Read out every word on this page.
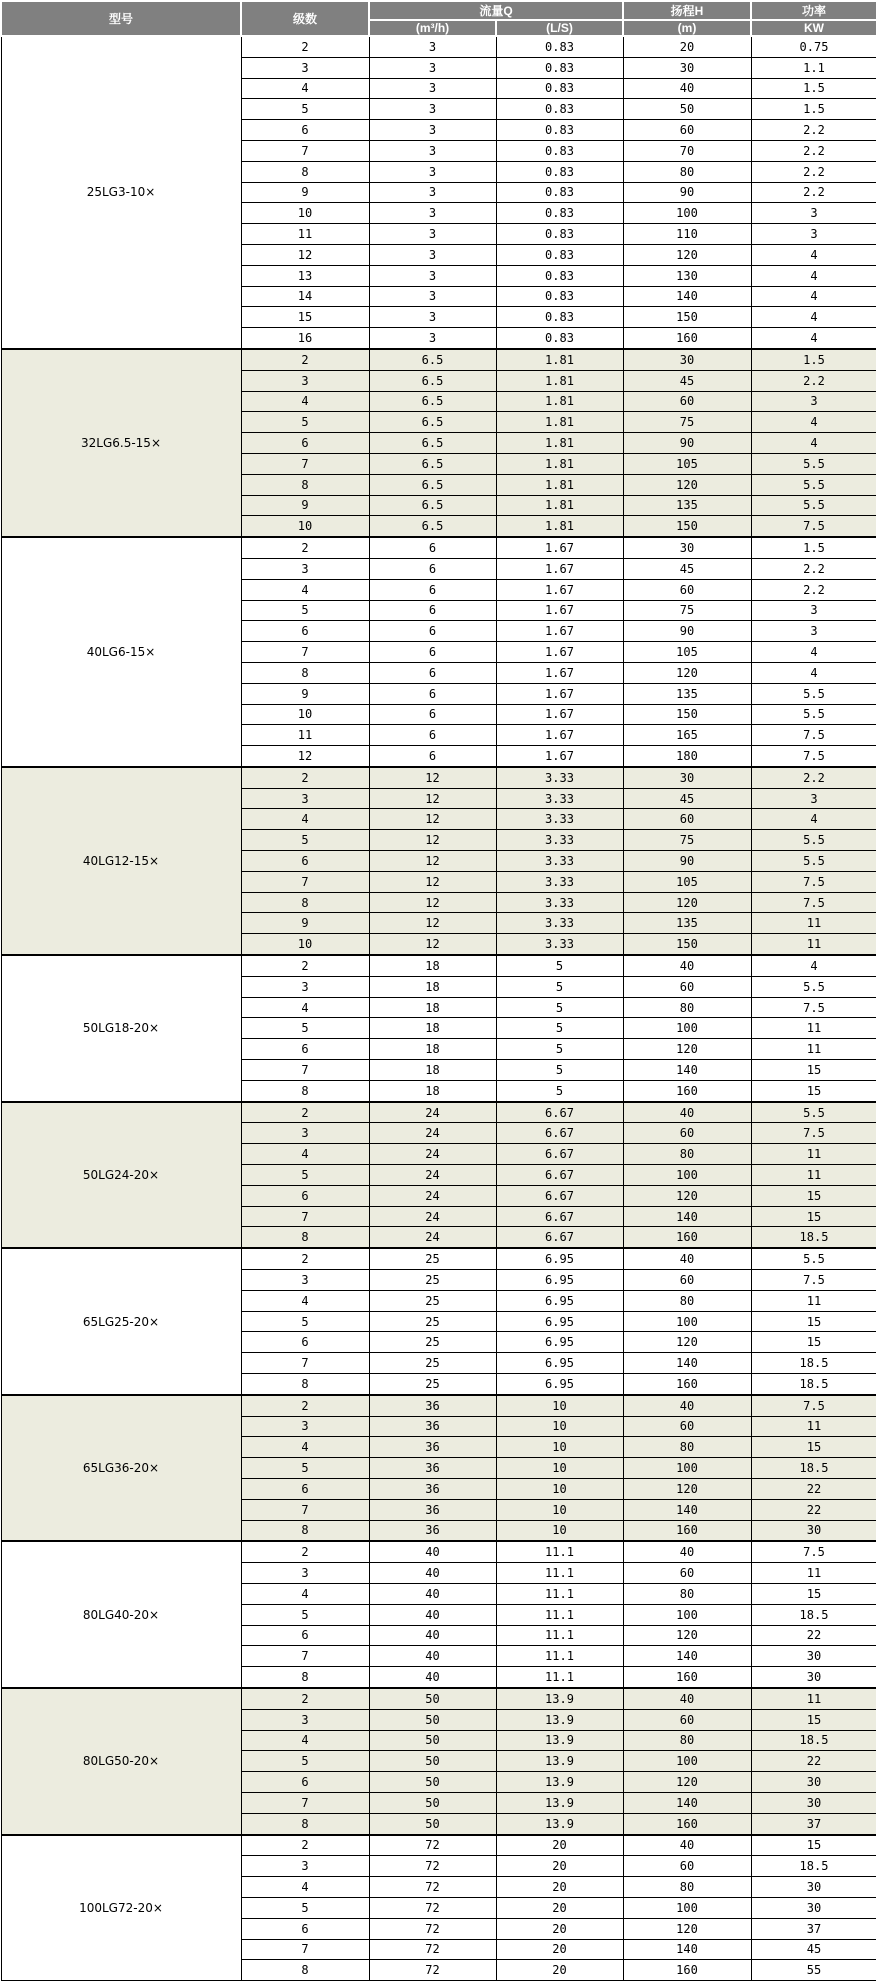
型号	级数	流量Q		扬程H	功率
		(m³/h)	(L/S)	(m)	KW
25LG3-10×	2	3	0.83	20	0.75
	3	3	0.83	30	1.1
	4	3	0.83	40	1.5
	5	3	0.83	50	1.5
	6	3	0.83	60	2.2
	7	3	0.83	70	2.2
	8	3	0.83	80	2.2
	9	3	0.83	90	2.2
	10	3	0.83	100	3
	11	3	0.83	110	3
	12	3	0.83	120	4
	13	3	0.83	130	4
	14	3	0.83	140	4
	15	3	0.83	150	4
	16	3	0.83	160	4
32LG6.5-15×	2	6.5	1.81	30	1.5
	3	6.5	1.81	45	2.2
	4	6.5	1.81	60	3
	5	6.5	1.81	75	4
	6	6.5	1.81	90	4
	7	6.5	1.81	105	5.5
	8	6.5	1.81	120	5.5
	9	6.5	1.81	135	5.5
	10	6.5	1.81	150	7.5
40LG6-15×	2	6	1.67	30	1.5
	3	6	1.67	45	2.2
	4	6	1.67	60	2.2
	5	6	1.67	75	3
	6	6	1.67	90	3
	7	6	1.67	105	4
	8	6	1.67	120	4
	9	6	1.67	135	5.5
	10	6	1.67	150	5.5
	11	6	1.67	165	7.5
	12	6	1.67	180	7.5
40LG12-15×	2	12	3.33	30	2.2
	3	12	3.33	45	3
	4	12	3.33	60	4
	5	12	3.33	75	5.5
	6	12	3.33	90	5.5
	7	12	3.33	105	7.5
	8	12	3.33	120	7.5
	9	12	3.33	135	11
	10	12	3.33	150	11
50LG18-20×	2	18	5	40	4
	3	18	5	60	5.5
	4	18	5	80	7.5
	5	18	5	100	11
	6	18	5	120	11
	7	18	5	140	15
	8	18	5	160	15
50LG24-20×	2	24	6.67	40	5.5
	3	24	6.67	60	7.5
	4	24	6.67	80	11
	5	24	6.67	100	11
	6	24	6.67	120	15
	7	24	6.67	140	15
	8	24	6.67	160	18.5
65LG25-20×	2	25	6.95	40	5.5
	3	25	6.95	60	7.5
	4	25	6.95	80	11
	5	25	6.95	100	15
	6	25	6.95	120	15
	7	25	6.95	140	18.5
	8	25	6.95	160	18.5
65LG36-20×	2	36	10	40	7.5
	3	36	10	60	11
	4	36	10	80	15
	5	36	10	100	18.5
	6	36	10	120	22
	7	36	10	140	22
	8	36	10	160	30
80LG40-20×	2	40	11.1	40	7.5
	3	40	11.1	60	11
	4	40	11.1	80	15
	5	40	11.1	100	18.5
	6	40	11.1	120	22
	7	40	11.1	140	30
	8	40	11.1	160	30
80LG50-20×	2	50	13.9	40	11
	3	50	13.9	60	15
	4	50	13.9	80	18.5
	5	50	13.9	100	22
	6	50	13.9	120	30
	7	50	13.9	140	30
	8	50	13.9	160	37
100LG72-20×	2	72	20	40	15
	3	72	20	60	18.5
	4	72	20	80	30
	5	72	20	100	30
	6	72	20	120	37
	7	72	20	140	45
	8	72	20	160	55
